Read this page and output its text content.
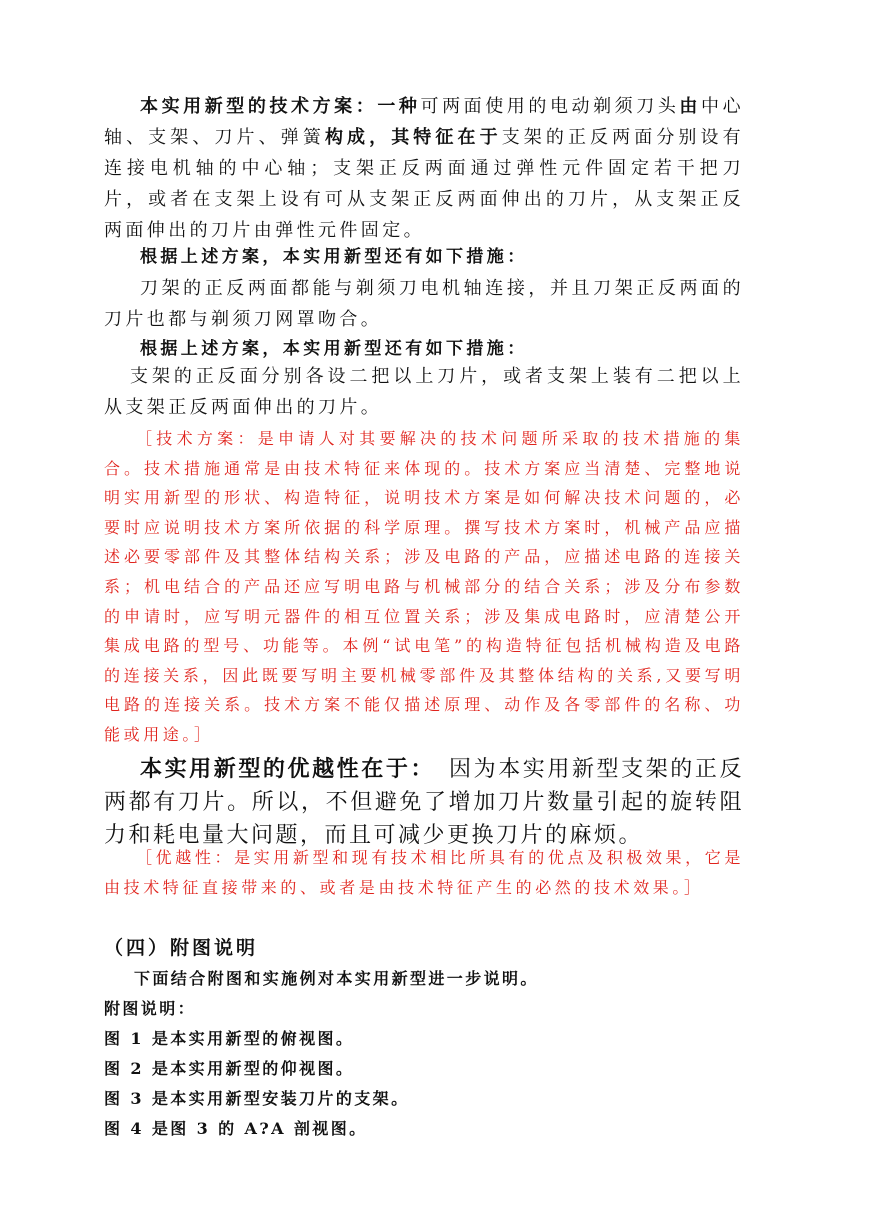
本实用新型的技术方案：一种可两面使用的电动剃须刀头由中心轴、支架、刀片、弹簧构成，其特征在于支架的正反两面分别设有连接电机轴的中心轴；支架正反两面通过弹性元件固定若干把刀片，或者在支架上设有可从支架正反两面伸出的刀片，从支架正反两面伸出的刀片由弹性元件固定。

根据上述方案，本实用新型还有如下措施：

刀架的正反两面都能与剃须刀电机轴连接，并且刀架正反两面的刀片也都与剃须刀网罩吻合。

根据上述方案，本实用新型还有如下措施：

支架的正反面分别各设二把以上刀片，或者支架上装有二把以上从支架正反两面伸出的刀片。

［技术方案：是申请人对其要解决的技术问题所采取的技术措施的集合。技术措施通常是由技术特征来体现的。技术方案应当清楚、完整地说明实用新型的形状、构造特征，说明技术方案是如何解决技术问题的，必要时应说明技术方案所依据的科学原理。撰写技术方案时，机械产品应描述必要零部件及其整体结构关系；涉及电路的产品，应描述电路的连接关系；机电结合的产品还应写明电路与机械部分的结合关系；涉及分布参数的申请时，应写明元器件的相互位置关系；涉及集成电路时，应清楚公开集成电路的型号、功能等。本例“试电笔”的构造特征包括机械构造及电路的连接关系，因此既要写明主要机械零部件及其整体结构的关系,又要写明电路的连接关系。技术方案不能仅描述原理、动作及各零部件的名称、功能或用途。］

本实用新型的优越性在于： 因为本实用新型支架的正反两都有刀片。所以，不但避免了增加刀片数量引起的旋转阻力和耗电量大问题，而且可减少更换刀片的麻烦。

［优越性：是实用新型和现有技术相比所具有的优点及积极效果，它是由技术特征直接带来的、或者是由技术特征产生的必然的技术效果。］

（四）附图说明

下面结合附图和实施例对本实用新型进一步说明。

附图说明：

图 1 是本实用新型的俯视图。

图 2 是本实用新型的仰视图。

图 3 是本实用新型安装刀片的支架。

图 4 是图 3 的 A?A 剖视图。
